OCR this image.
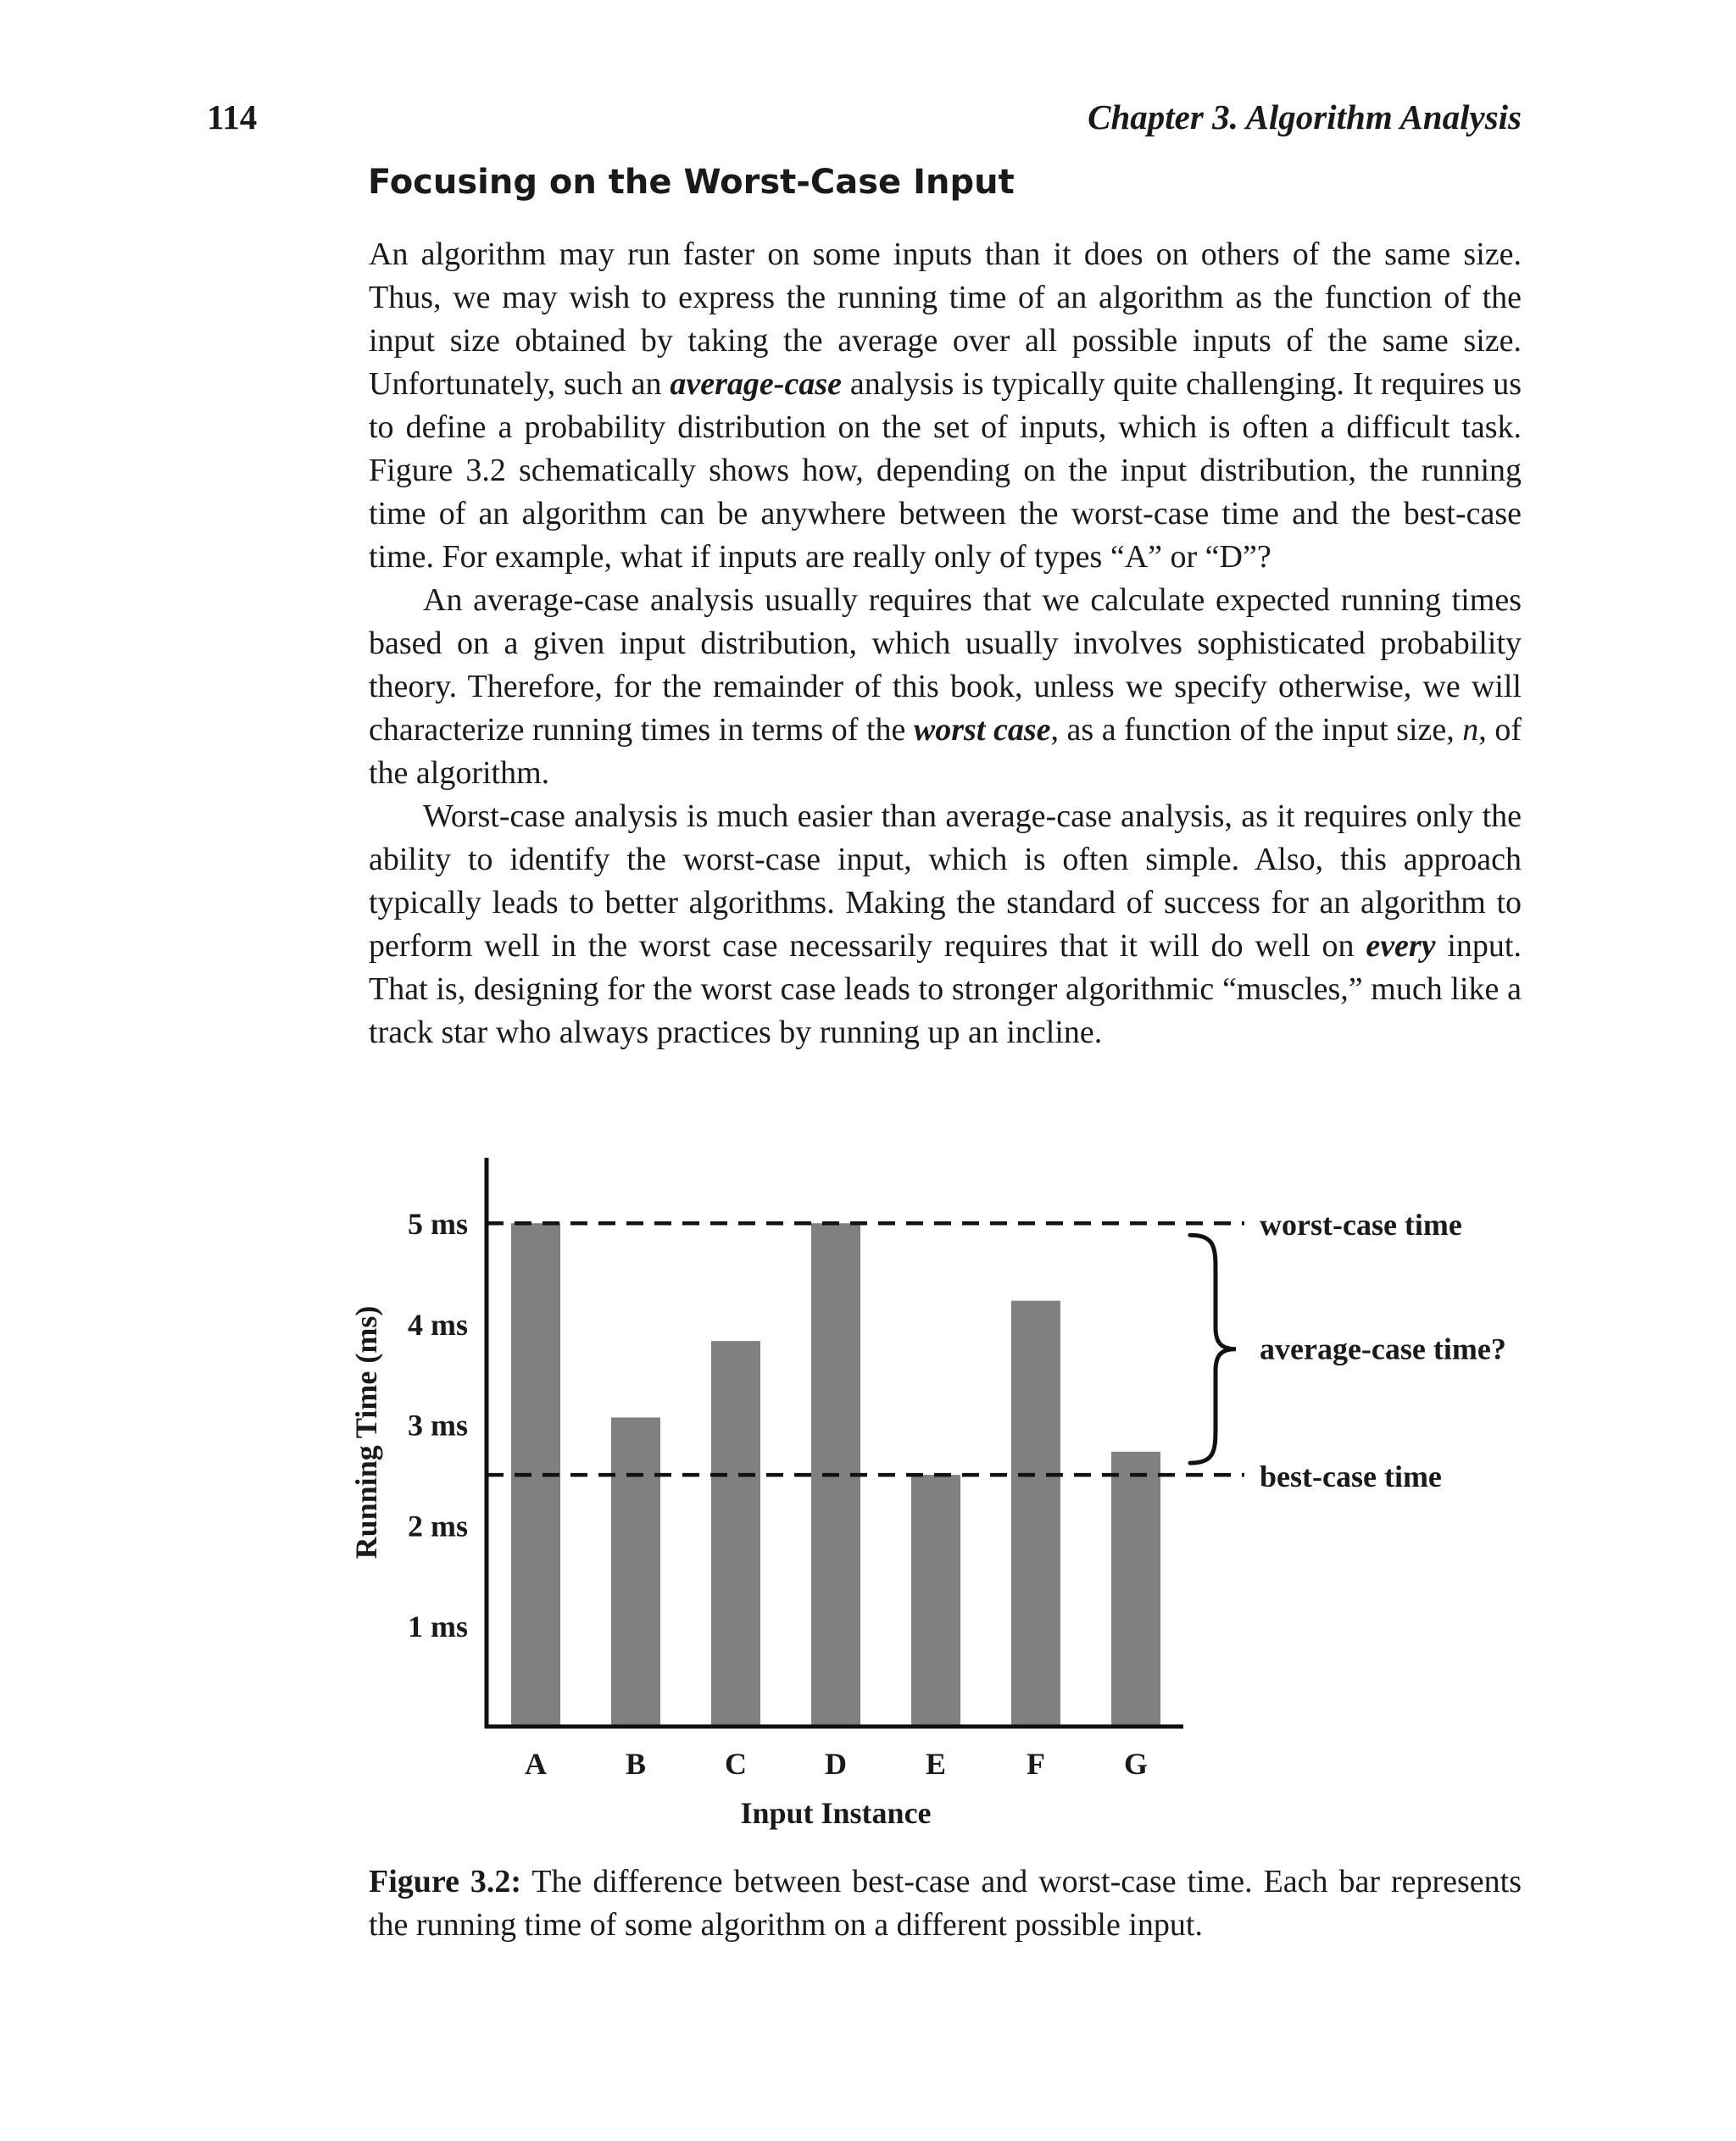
114	Chapter 3. Algorithm Analysis
Focusing on the Worst-Case Input

An algorithm may run faster on some inputs than it does on others of the same size. Thus, we may wish to express the running time of an algorithm as the function of the input size obtained by taking the average over all possible inputs of the same size. Unfortunately, such an average-case analysis is typically quite challenging. It requires us to define a probability distribution on the set of inputs, which is often a difficult task. Figure 3.2 schematically shows how, depending on the input distribution, the running time of an algorithm can be anywhere between the worst-case time and the best-case time. For example, what if inputs are really only of types “A” or “D”?

An average-case analysis usually requires that we calculate expected running times based on a given input distribution, which usually involves sophisticated probability theory. Therefore, for the remainder of this book, unless we specify otherwise, we will characterize running times in terms of the worst case, as a function of the input size, n, of the algorithm.

Worst-case analysis is much easier than average-case analysis, as it requires only the ability to identify the worst-case input, which is often simple. Also, this approach typically leads to better algorithms. Making the standard of success for an algorithm to perform well in the worst case necessarily requires that it will do well on every input. That is, designing for the worst case leads to stronger algorithmic “muscles,” much like a track star who always practices by running up an incline.

worst-case time
best-case time
1 ms
2 ms
3 ms
4 ms
5 ms
A	B	C	D	E	F	G
Input Instance
Running Time (ms)	average-case time?

Figure 3.2: The difference between best-case and worst-case time. Each bar represents the running time of some algorithm on a different possible input.
